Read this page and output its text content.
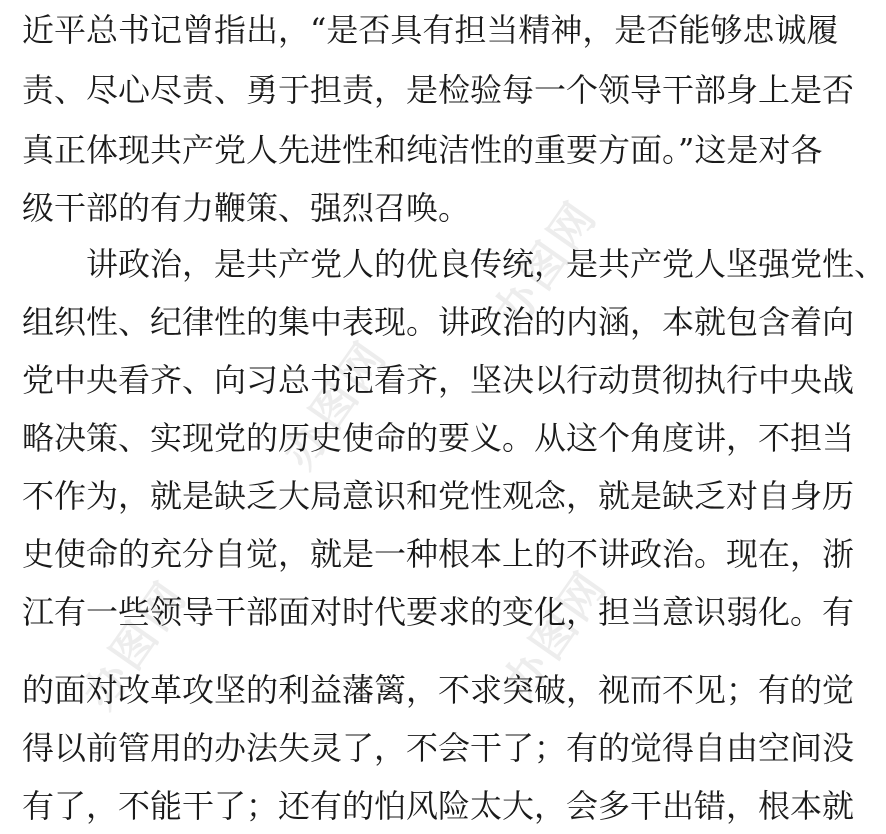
办图网
办图网
办图网
办图网
近平总书记曾指出，“是否具有担当精神，是否能够忠诚履
责、尽心尽责、勇于担责，是检验每一个领导干部身上是否
真正体现共产党人先进性和纯洁性的重要方面。”这是对各
级干部的有力鞭策、强烈召唤。
讲政治，是共产党人的优良传统，是共产党人坚强党性、
组织性、纪律性的集中表现。讲政治的内涵，本就包含着向
党中央看齐、向习总书记看齐，坚决以行动贯彻执行中央战
略决策、实现党的历史使命的要义。从这个角度讲，不担当
不作为，就是缺乏大局意识和党性观念，就是缺乏对自身历
史使命的充分自觉，就是一种根本上的不讲政治。现在，浙
江有一些领导干部面对时代要求的变化，担当意识弱化。有
的面对改革攻坚的利益藩篱，不求突破，视而不见；有的觉
得以前管用的办法失灵了，不会干了；有的觉得自由空间没
有了，不能干了；还有的怕风险太大，会多干出错，根本就
